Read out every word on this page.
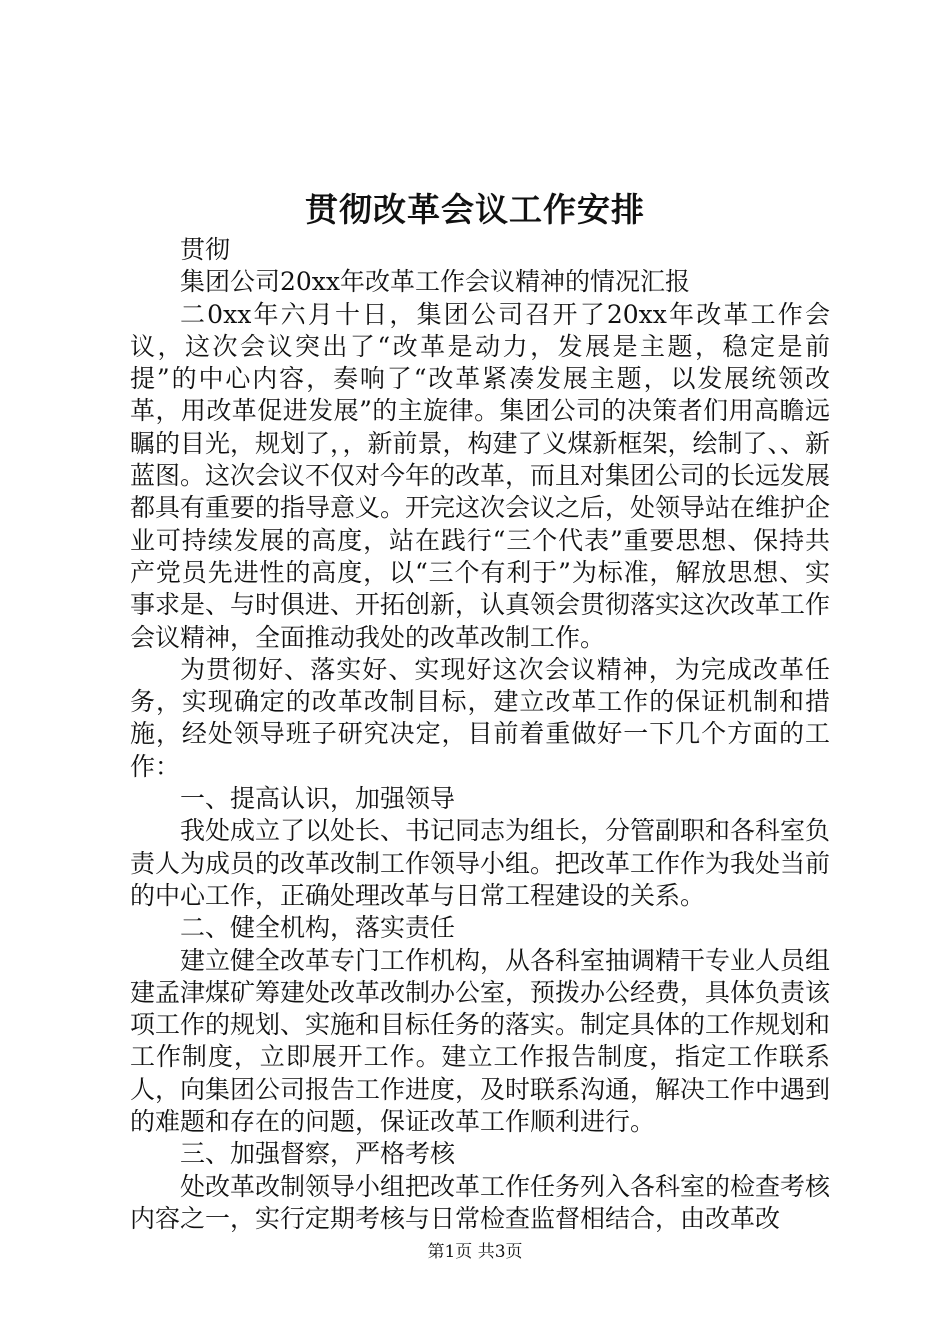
贯彻改革会议工作安排

贯彻

集团公司20xx年改革工作会议精神的情况汇报

二0xx年六月十日，集团公司召开了20xx年改革工作会议，这次会议突出了“改革是动力，发展是主题，稳定是前提”的中心内容，奏响了“改革紧凑发展主题，以发展统领改革，用改革促进发展”的主旋律。集团公司的决策者们用高瞻远瞩的目光，规划了，，新前景，构建了义煤新框架，绘制了、、新蓝图。这次会议不仅对今年的改革，而且对集团公司的长远发展都具有重要的指导意义。开完这次会议之后，处领导站在维护企业可持续发展的高度，站在践行“三个代表”重要思想、保持共产党员先进性的高度，以“三个有利于”为标准，解放思想、实事求是、与时俱进、开拓创新，认真领会贯彻落实这次改革工作会议精神，全面推动我处的改革改制工作。

为贯彻好、落实好、实现好这次会议精神，为完成改革任务，实现确定的改革改制目标，建立改革工作的保证机制和措施，经处领导班子研究决定，目前着重做好一下几个方面的工作：

一、提高认识，加强领导

我处成立了以处长、书记同志为组长，分管副职和各科室负责人为成员的改革改制工作领导小组。把改革工作作为我处当前的中心工作，正确处理改革与日常工程建设的关系。

二、健全机构，落实责任

建立健全改革专门工作机构，从各科室抽调精干专业人员组建孟津煤矿筹建处改革改制办公室，预拨办公经费，具体负责该项工作的规划、实施和目标任务的落实。制定具体的工作规划和工作制度，立即展开工作。建立工作报告制度，指定工作联系人，向集团公司报告工作进度，及时联系沟通，解决工作中遇到的难题和存在的问题，保证改革工作顺利进行。

三、加强督察，严格考核

处改革改制领导小组把改革工作任务列入各科室的检查考核内容之一，实行定期考核与日常检查监督相结合，由改革改

第1页 共3页
